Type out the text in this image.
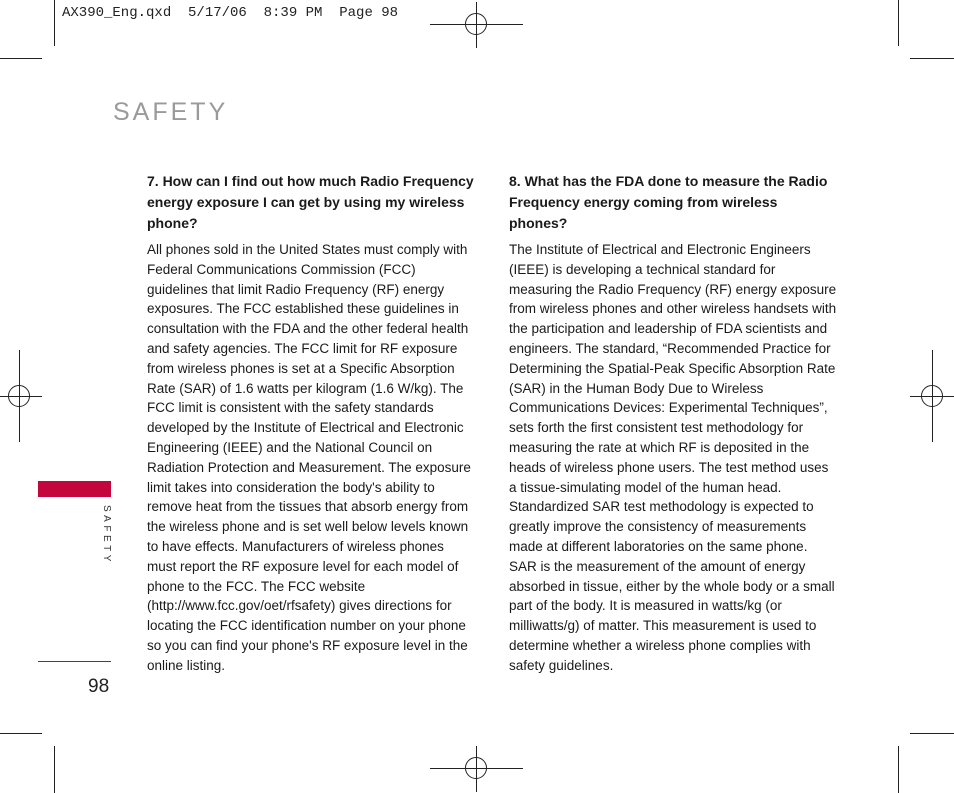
AX390_Eng.qxd  5/17/06  8:39 PM  Page 98
SAFETY
SAFETY
98

7. How can I find out how much Radio Frequency energy exposure I can get by using my wireless phone?

All phones sold in the United States must comply with Federal Communications Commission (FCC) guidelines that limit Radio Frequency (RF) energy exposures. The FCC established these guidelines in consultation with the FDA and the other federal health and safety agencies. The FCC limit for RF exposure from wireless phones is set at a Specific Absorption Rate (SAR) of 1.6 watts per kilogram (1.6 W/kg). The FCC limit is consistent with the safety standards developed by the Institute of Electrical and Electronic Engineering (IEEE) and the National Council on Radiation Protection and Measurement. The exposure limit takes into consideration the body's ability to remove heat from the tissues that absorb energy from the wireless phone and is set well below levels known to have effects. Manufacturers of wireless phones must report the RF exposure level for each model of phone to the FCC. The FCC website (http://www.fcc.gov/oet/rfsafety) gives directions for locating the FCC identification number on your phone so you can find your phone's RF exposure level in the online listing.

8. What has the FDA done to measure the Radio Frequency energy coming from wireless phones?

The Institute of Electrical and Electronic Engineers (IEEE) is developing a technical standard for measuring the Radio Frequency (RF) energy exposure from wireless phones and other wireless handsets with the participation and leadership of FDA scientists and engineers. The standard, “Recommended Practice for Determining the Spatial-Peak Specific Absorption Rate (SAR) in the Human Body Due to Wireless Communications Devices: Experimental Techniques”, sets forth the first consistent test methodology for measuring the rate at which RF is deposited in the heads of wireless phone users. The test method uses a tissue-simulating model of the human head. Standardized SAR test methodology is expected to greatly improve the consistency of measurements made at different laboratories on the same phone. SAR is the measurement of the amount of energy absorbed in tissue, either by the whole body or a small part of the body. It is measured in watts/kg (or milliwatts/g) of matter. This measurement is used to determine whether a wireless phone complies with safety guidelines.
